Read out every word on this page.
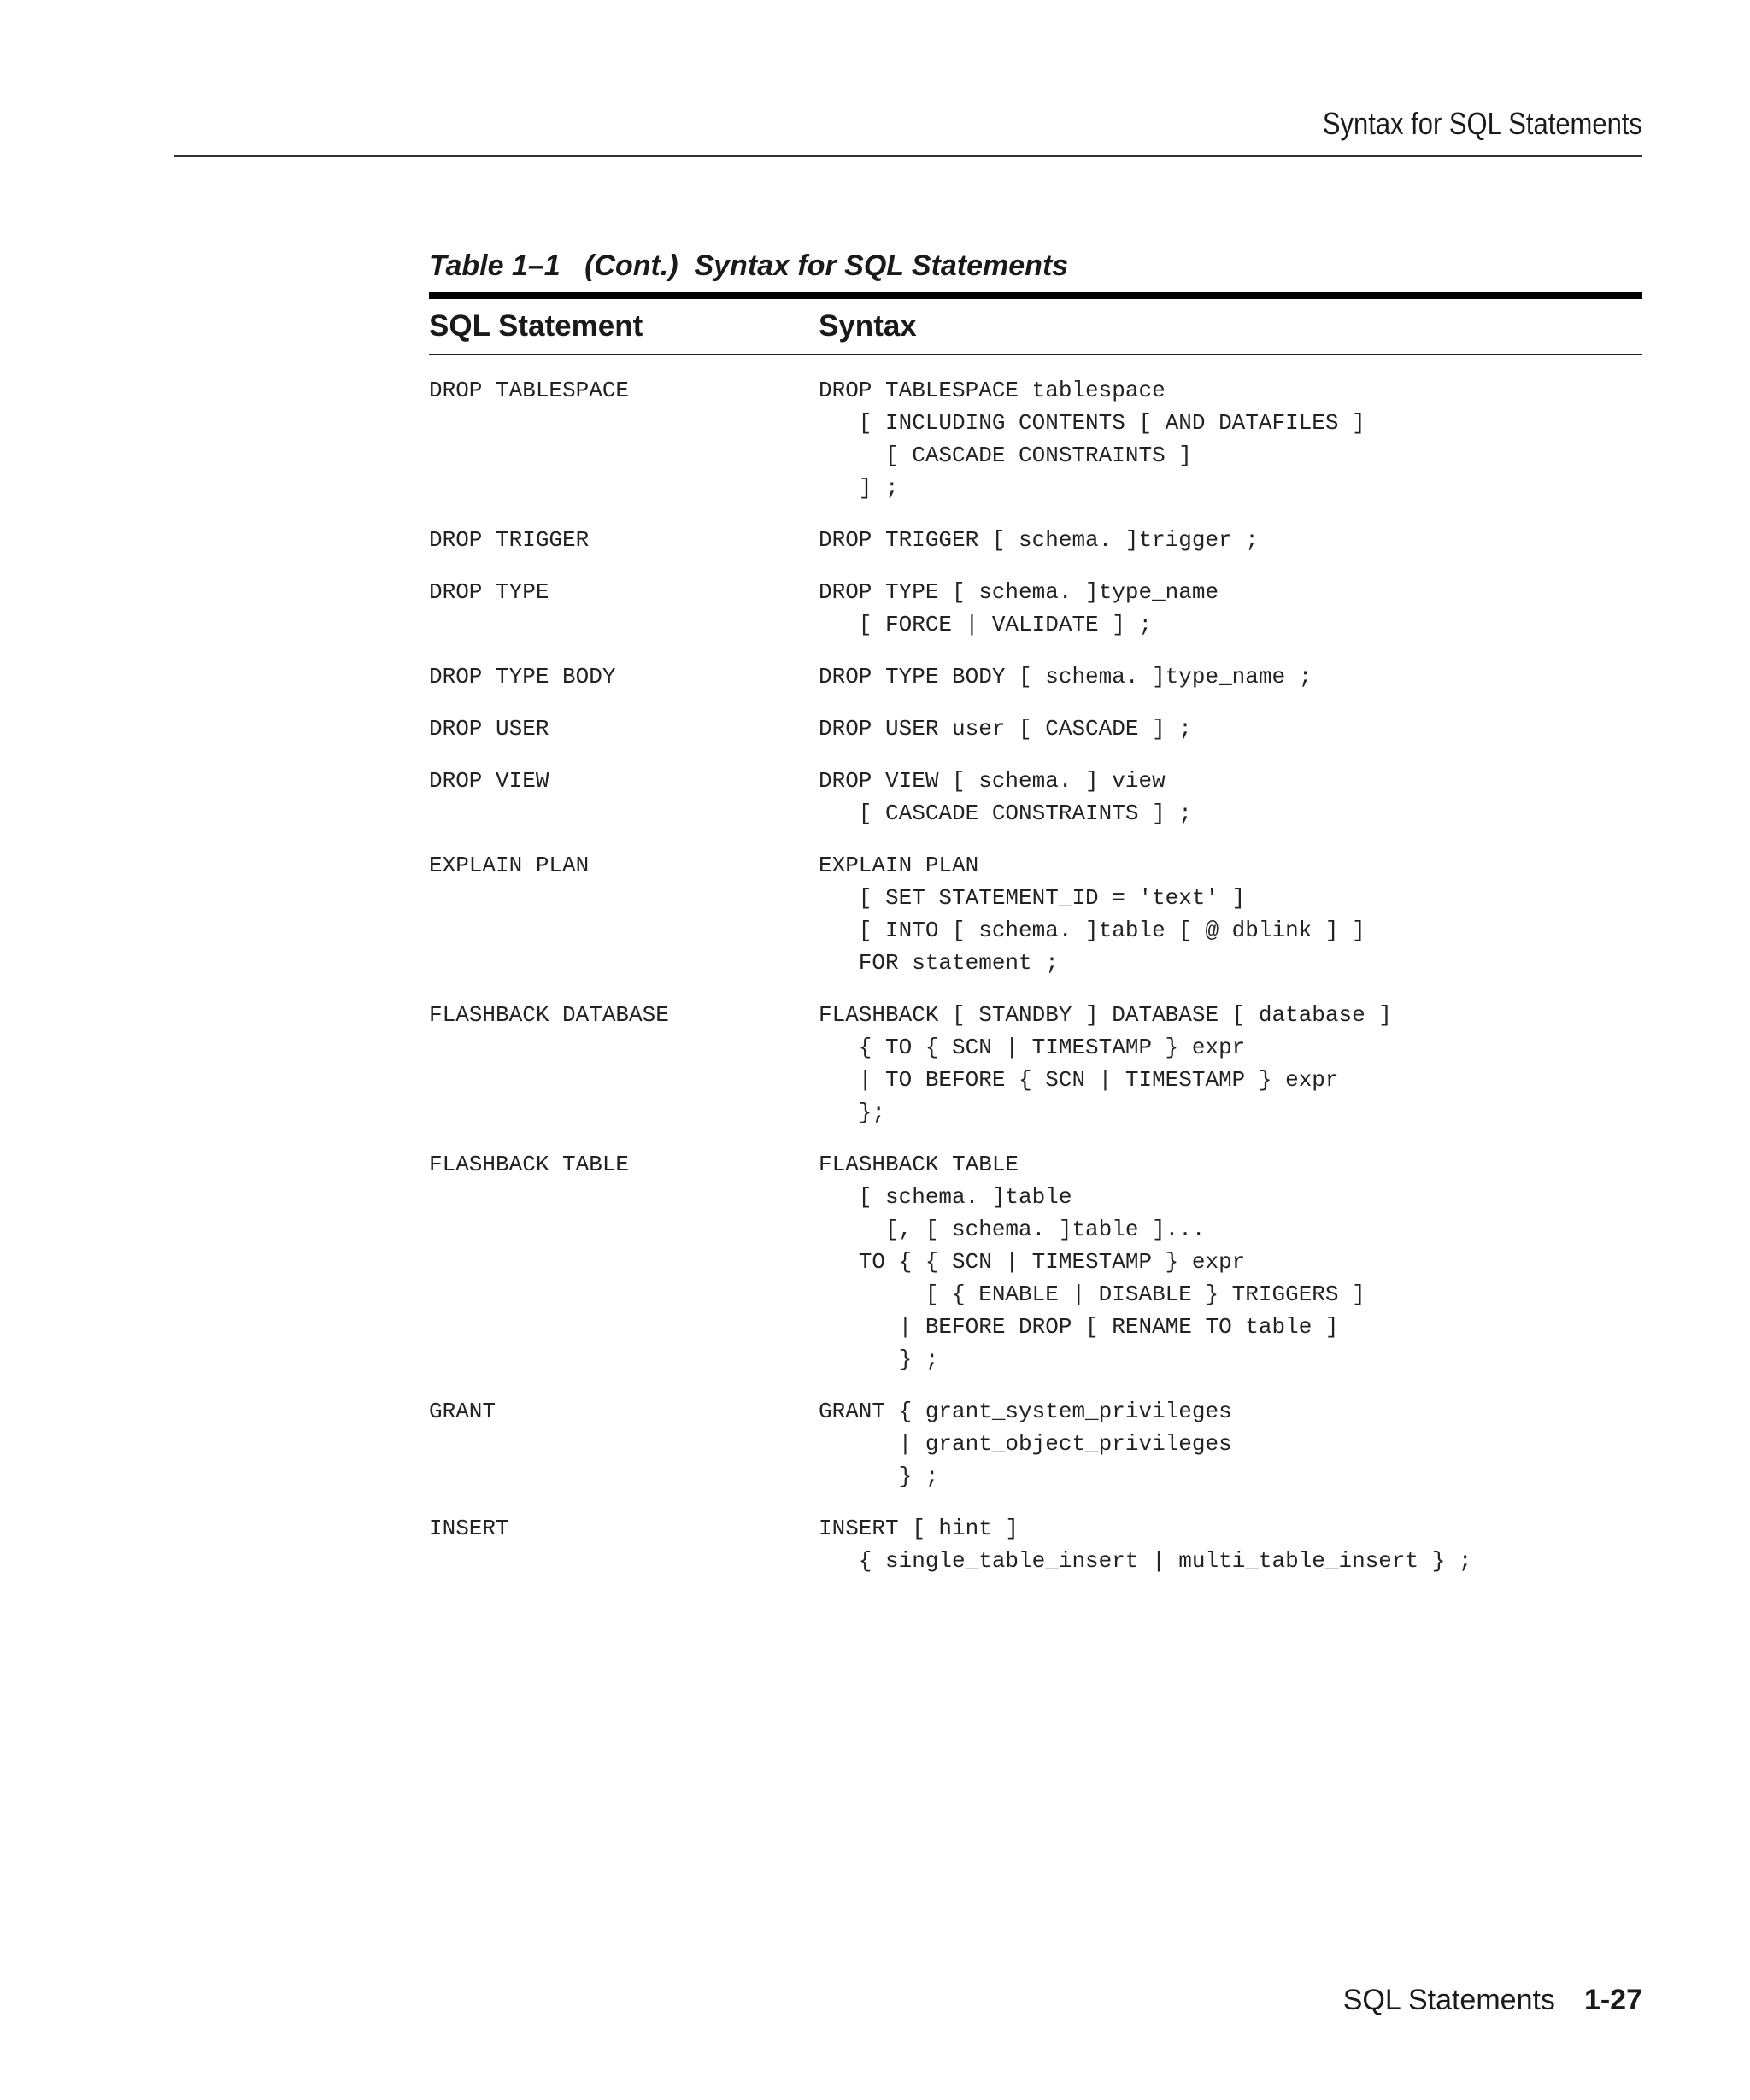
Syntax for SQL Statements
Table 1–1 (Cont.)  Syntax for SQL Statements
SQL Statement	Syntax
DROP TABLESPACE	DROP TABLESPACE tablespace
[ INCLUDING CONTENTS [ AND DATAFILES ]
[ CASCADE CONSTRAINTS ]
] ;
DROP TRIGGER	DROP TRIGGER [ schema. ]trigger ;
DROP TYPE	DROP TYPE [ schema. ]type_name
[ FORCE | VALIDATE ] ;
DROP TYPE BODY	DROP TYPE BODY [ schema. ]type_name ;
DROP USER	DROP USER user [ CASCADE ] ;
DROP VIEW	DROP VIEW [ schema. ] view
[ CASCADE CONSTRAINTS ] ;
EXPLAIN PLAN	EXPLAIN PLAN
[ SET STATEMENT_ID = 'text' ]
[ INTO [ schema. ]table [ @ dblink ] ]
FOR statement ;
FLASHBACK DATABASE	FLASHBACK [ STANDBY ] DATABASE [ database ]
{ TO { SCN | TIMESTAMP } expr
| TO BEFORE { SCN | TIMESTAMP } expr
};
FLASHBACK TABLE	FLASHBACK TABLE
[ schema. ]table
[, [ schema. ]table ]...
TO { { SCN | TIMESTAMP } expr
[ { ENABLE | DISABLE } TRIGGERS ]
| BEFORE DROP [ RENAME TO table ]
} ;
GRANT	GRANT { grant_system_privileges
| grant_object_privileges
} ;
INSERT	INSERT [ hint ]
{ single_table_insert | multi_table_insert } ;
SQL Statements 1-27
